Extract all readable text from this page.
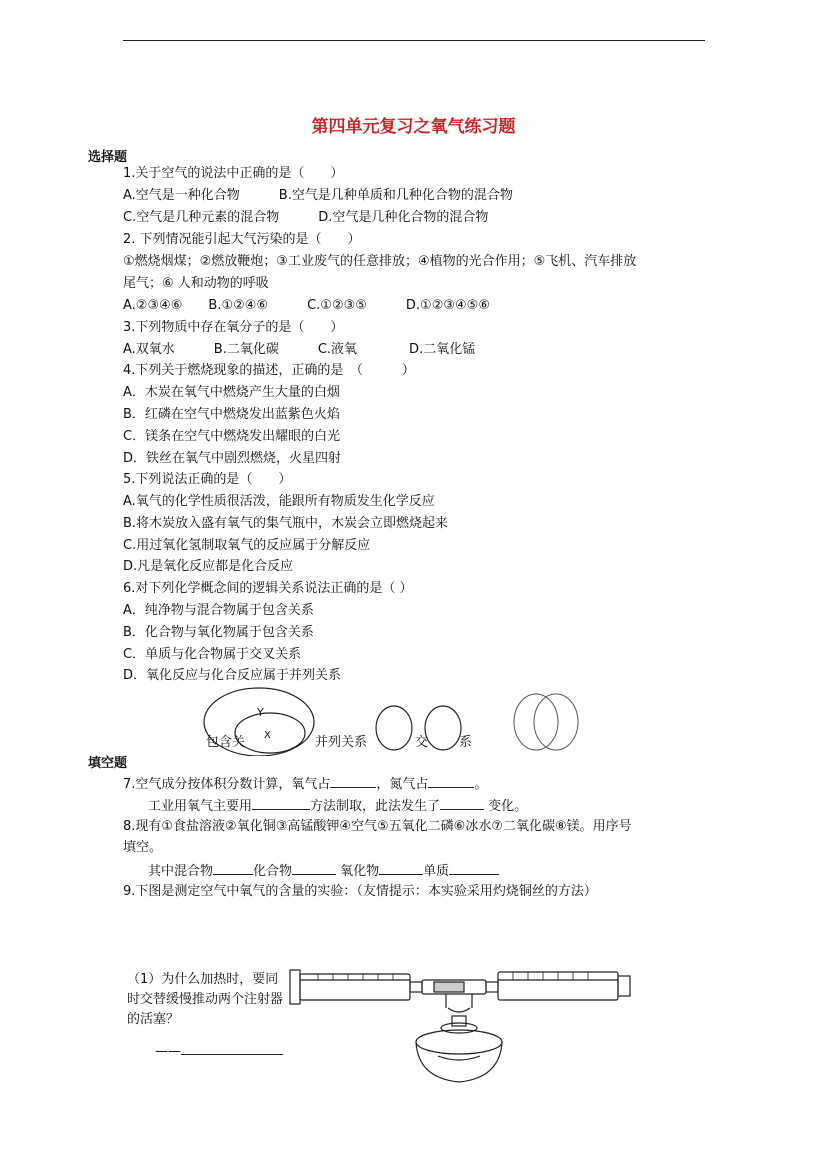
第四单元复习之氧气练习题
选择题
1.关于空气的说法中正确的是（　　）
A.空气是一种化合物　　　B.空气是几种单质和几种化合物的混合物
C.空气是几种元素的混合物　　　D.空气是几种化合物的混合物
2. 下列情况能引起大气污染的是（　　）
①燃烧烟煤；②燃放鞭炮；③工业废气的任意排放；④植物的光合作用；⑤飞机、汽车排放
尾气；⑥ 人和动物的呼吸
A.②③④⑥　　B.①②④⑥　　　C.①②③⑤　　　D.①②③④⑤⑥
3.下列物质中存在氧分子的是（　　）
A.双氧水　　　B.二氧化碳　　　C.液氧　　　　D.二氧化锰
4.下列关于燃烧现象的描述，正确的是　（　　　）
A．木炭在氧气中燃烧产生大量的白烟
B．红磷在空气中燃烧发出蓝紫色火焰
C．镁条在空气中燃烧发出耀眼的白光
D．铁丝在氧气中剧烈燃烧，火星四射
5.下列说法正确的是（　　）
A.氧气的化学性质很活泼，能跟所有物质发生化学反应
B.将木炭放入盛有氧气的集气瓶中，木炭会立即燃烧起来
C.用过氧化氢制取氧气的反应属于分解反应
D.凡是氧化反应都是化合反应
6.对下列化学概念间的逻辑关系说法正确的是（ ）
A．纯净物与混合物属于包含关系
B．化合物与氧化物属于包含关系
C．单质与化合物属于交叉关系
D．氧化反应与化合反应属于并列关系
Y
X
包含关	并列关系	交 系
填空题
7.空气成分按体积分数计算，氧气占	，氮气占	。
工业用氧气主要用	方法制取，此法发生了	变化。
8.现有①食盐溶液②氧化铜③高锰酸钾④空气⑤五氧化二磷⑥冰水⑦二氧化碳⑧镁。用序号
填空。
其中混合物	化合物	氧化物	单质
9.下图是测定空气中氧气的含量的实验：（友情提示：本实验采用灼烧铜丝的方法）
（1）为什么加热时，要同时交替缓慢推动两个注射器的活塞？
——
